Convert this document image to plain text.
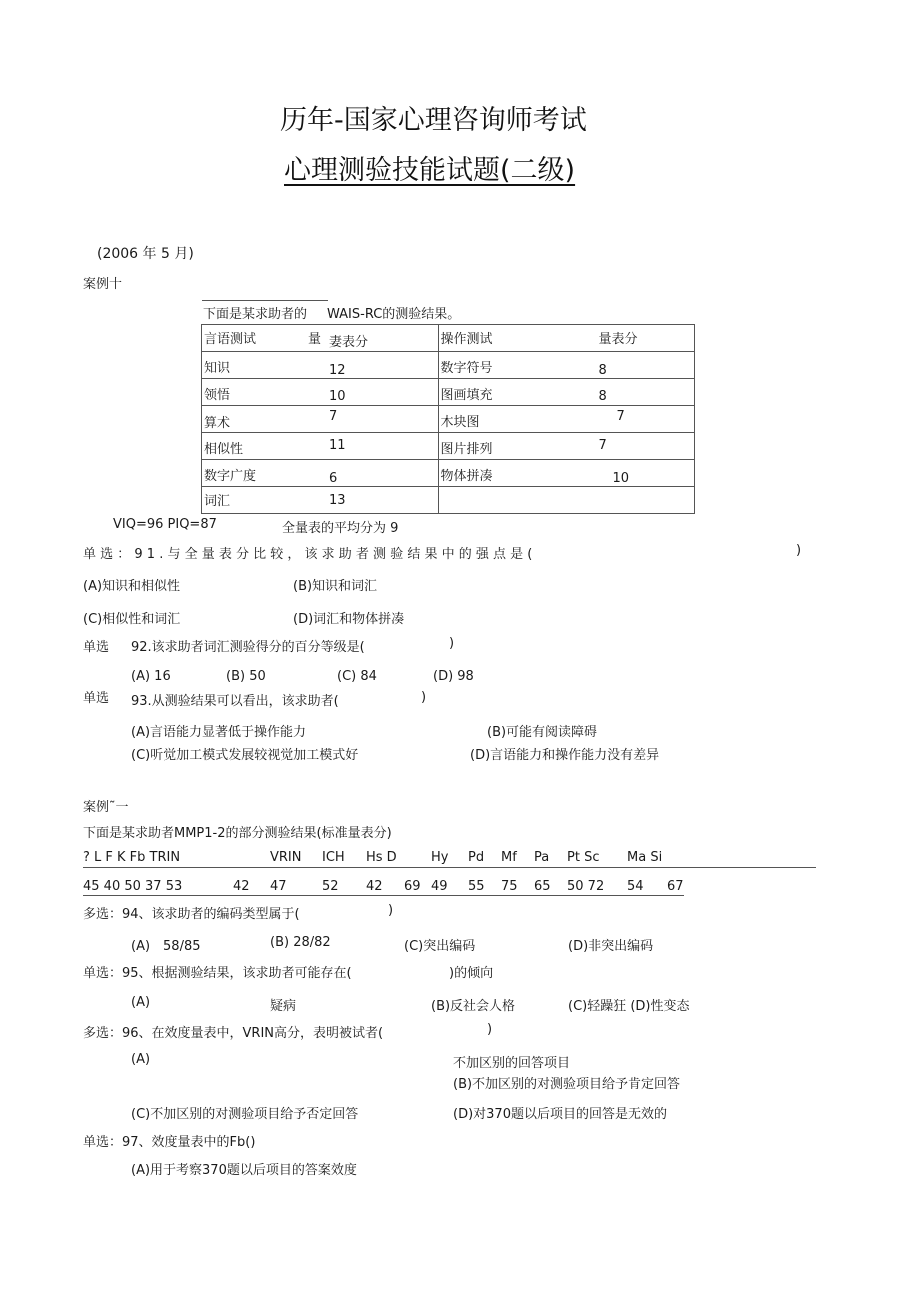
历年-国家心理咨询师考试
心理测验技能试题(二级)
(2006 年 5 月)
案例十
下面是某求助者的 WAIS-RC的测验结果。
言语测试 量 妻表分	操作测试 量表分

知识 12	数字符号 8

领悟 10	图画填充 8

算术 7	木块图 7

相似性 11	图片排列 7

数字广度 6	物体拼凑 10

词汇 13	

VIQ=96 PIQ=87	全量表的平均分为 9
单 选 ： 9 1 . 与 全 量 表 分 比 较 ， 该 求 助 者 测 验 结 果 中 的 强 点 是 (	)
(A)知识和相似性	(B)知识和词汇
(C)相似性和词汇	(D)词汇和物体拼凑
单选 92.该求助者词汇测验得分的百分等级是(	)
(A) 16	(B) 50	(C) 84	(D) 98
单选 93.从测验结果可以看出，该求助者(	)
(A)言语能力显著低于操作能力	(B)可能有阅读障碍
(C)听觉加工模式发展较视觉加工模式好	(D)言语能力和操作能力没有差异
案例˜一
下面是某求助者MMP1-2的部分测验结果(标准量表分)
? L F K Fb TRIN	VRIN ICH Hs D	Hy Pd Mf Pa Pt Sc Ma Si
45 40 50 37 53	42 47	52 42 69 49 55 75 65 50 72 54 67
多选：94、该求助者的编码类型属于(	)
(A)　58/85	(B) 28/82	(C)突出编码	(D)非突出编码
单选：95、根据测验结果，该求助者可能存在(	)的倾向
(A)	疑病	(B)反社会人格	(C)轻躁狂 (D)性变态
多选：96、在效度量表中，VRIN高分，表明被试者(	)
(A)	不加区别的回答项目
(B)不加区别的对测验项目给予肯定回答
(C)不加区别的对测验项目给予否定回答	(D)对370题以后项目的回答是无效的
单选：97、效度量表中的Fb()
(A)用于考察370题以后项目的答案效度
